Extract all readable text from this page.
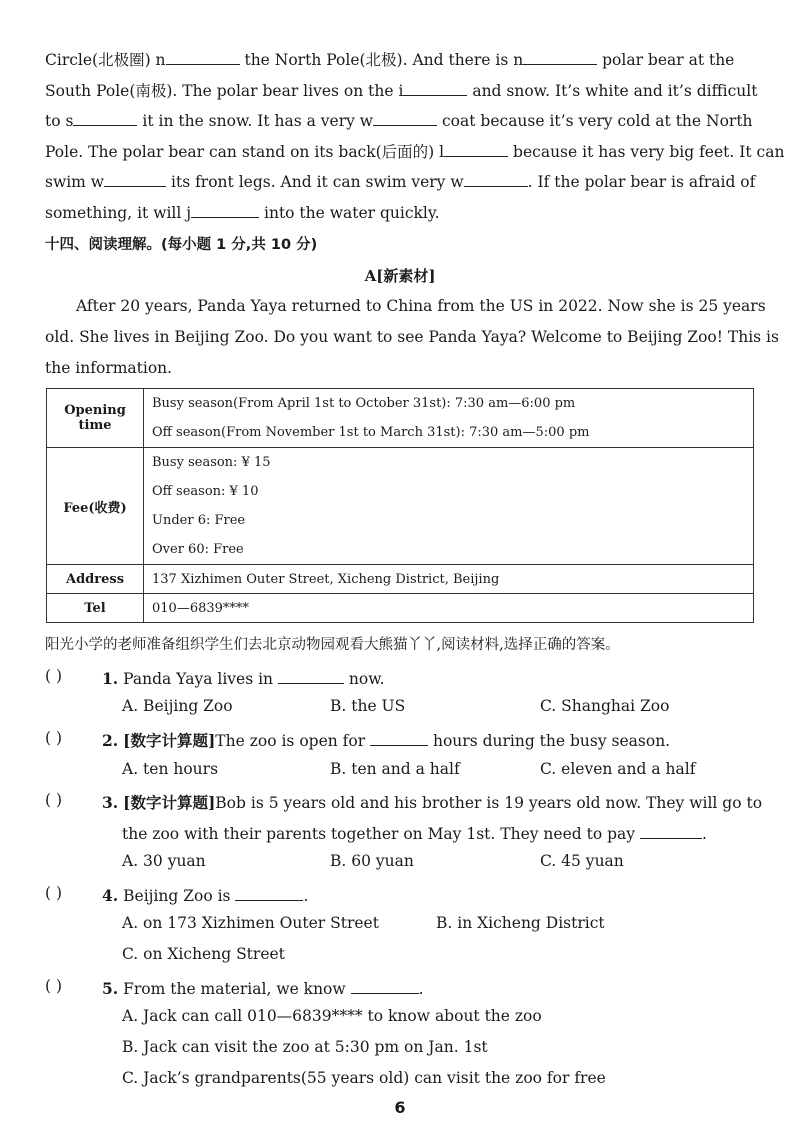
Circle(北极圈) n	the North Pole(北极). And there is n	polar bear at the
South Pole(南极). The polar bear lives on the i	and snow. It’s white and it’s difficult
to s	it in the snow. It has a very w	coat because it’s very cold at the North
Pole. The polar bear can stand on its back(后面的) l	because it has very big feet. It can
swim w	its front legs. And it can swim very w	. If the polar bear is afraid of
something, it will j	into the water quickly.
十四、阅读理解。(每小题 1 分,共 10 分)
A[新素材]
After 20 years, Panda Yaya returned to China from the US in 2022. Now she is 25 years
old. She lives in Beijing Zoo. Do you want to see Panda Yaya? Welcome to Beijing Zoo! This is
the information.
Opening time	Busy season(From April 1st to October 31st): 7:30 am—6:00 pm
Off season(From November 1st to March 31st): 7:30 am—5:00 pm

Fee(收费)	Busy season: ¥ 15
Off season: ¥ 10
Under 6: Free
Over 60: Free

Address	137 Xizhimen Outer Street, Xicheng District, Beijing
Tel	010—6839****
阳光小学的老师准备组织学生们去北京动物园观看大熊猫丫丫,阅读材料,选择正确的答案。
( )	1. Panda Yaya lives in	now.
A. Beijing Zoo	B. the US	C. Shanghai Zoo
( )	2. [数字计算题]The zoo is open for	hours during the busy season.
A. ten hours	B. ten and a half	C. eleven and a half
( )	3. [数字计算题]Bob is 5 years old and his brother is 19 years old now. They will go to
the zoo with their parents together on May 1st. They need to pay	.
A. 30 yuan	B. 60 yuan	C. 45 yuan
( )	4. Beijing Zoo is	.
A. on 173 Xizhimen Outer Street	B. in Xicheng District
C. on Xicheng Street
( )	5. From the material, we know	.
A. Jack can call 010—6839**** to know about the zoo
B. Jack can visit the zoo at 5:30 pm on Jan. 1st
C. Jack’s grandparents(55 years old) can visit the zoo for free
6
